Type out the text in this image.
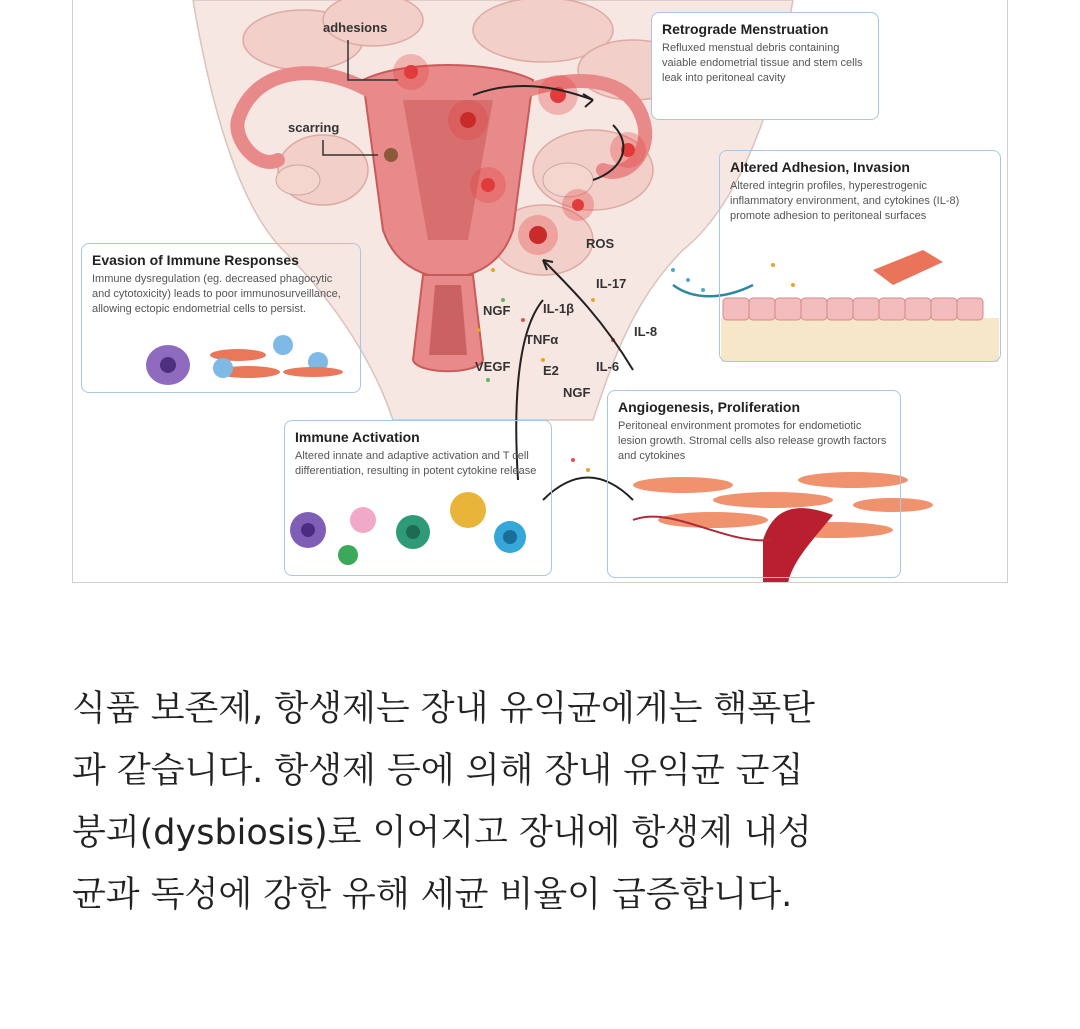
adhesions
scarring
ROS
IL-17
NGF	IL-1β
IL-8
TNFα
VEGF	E2	IL-6
NGF
Retrograde Menstruation

Refluxed menstual debris containing vaiable endometrial tissue and stem cells leak into peritoneal cavity

Altered Adhesion, Invasion

Altered integrin profiles, hyperestrogenic inflammatory environment, and cytokines (IL-8) promote adhesion to peritoneal surfaces

Evasion of Immune Responses

Immune dysregulation (eg. decreased phagocytic and cytotoxicity) leads to poor immunosurveillance, allowing ectopic endometrial cells to persist.

Angiogenesis, Proliferation

Peritoneal environment promotes for endometiotic lesion growth. Stromal cells also release growth factors and cytokines

Immune Activation

Altered innate and adaptive activation and T cell differentiation, resulting in potent cytokine release

식품 보존제, 항생제는 장내 유익균에게는 핵폭탄
과 같습니다. 항생제 등에 의해 장내 유익균 군집
붕괴(dysbiosis)로 이어지고 장내에 항생제 내성
균과 독성에 강한 유해 세균 비율이 급증합니다.
